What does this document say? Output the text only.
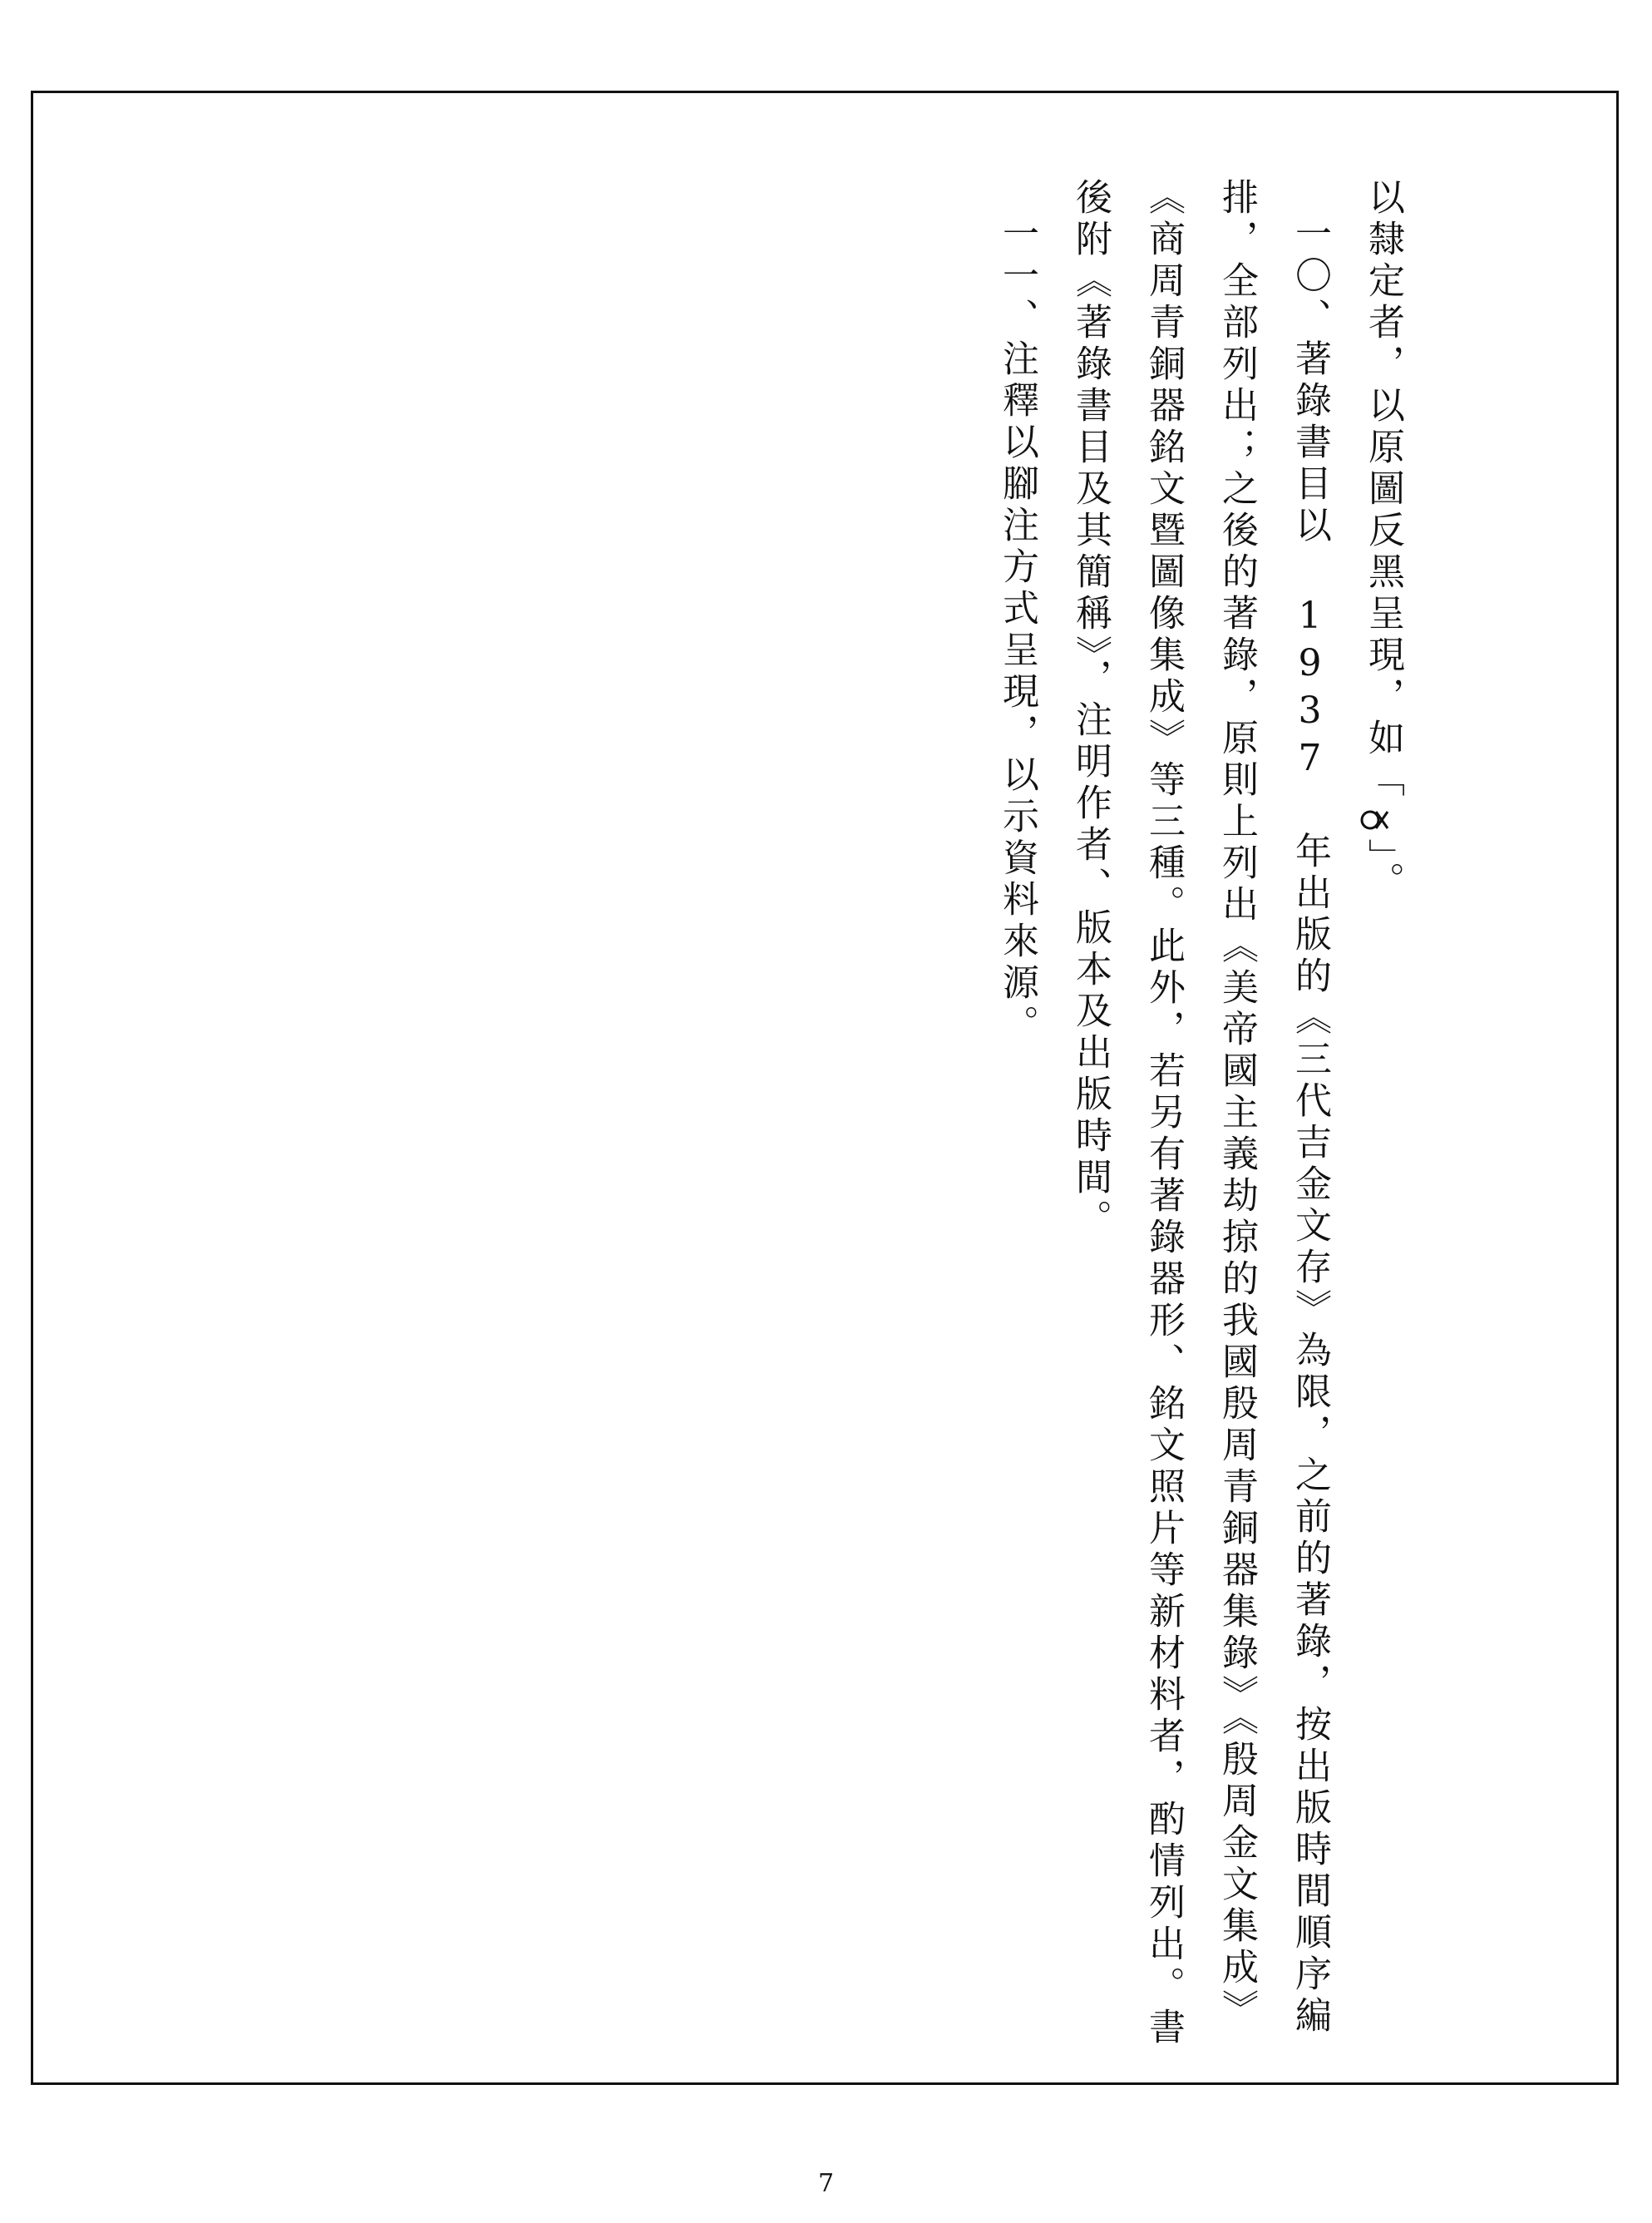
以隸定者，以原圖反黑呈現，如「」。

一〇、著錄書目以 1937 年出版的《三代吉金文存》為限，之前的著錄，按出版時間順序編排，全部列出；之後的著錄，原則上列出《美帝國主義劫掠的我國殷周青銅器集錄》《殷周金文集成》《商周青銅器銘文暨圖像集成》等三種。此外，若另有著錄器形、銘文照片等新材料者，酌情列出。書後附《著錄書目及其簡稱》，注明作者、版本及出版時間。

一一、注釋以腳注方式呈現，以示資料來源。

7
